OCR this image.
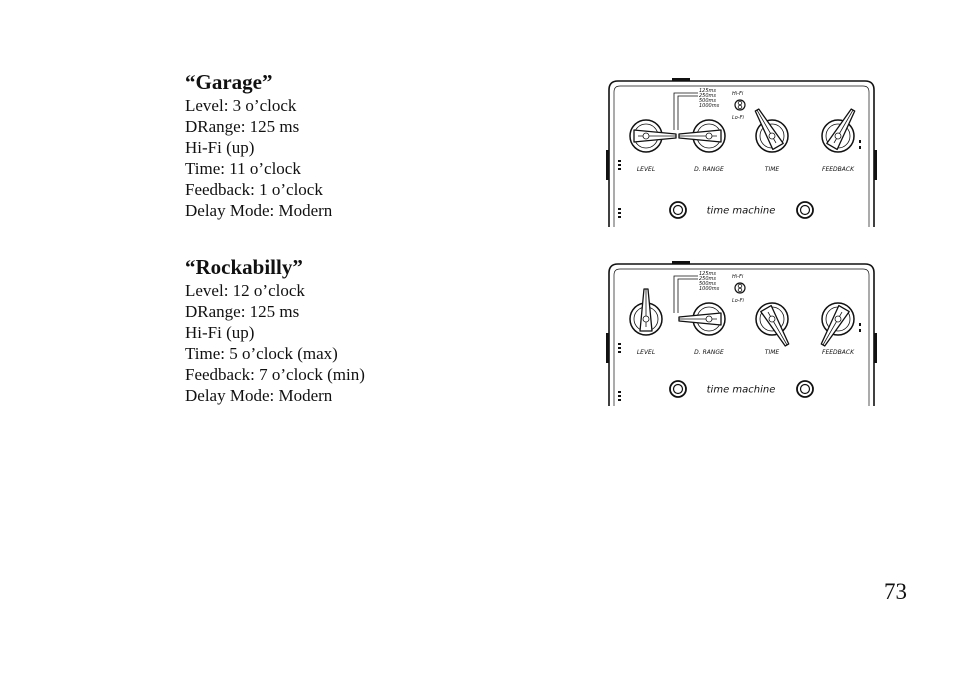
“Garage”
Level: 3 o’clock
DRange: 125 ms
Hi-Fi (up)
Time: 11 o’clock
Feedback: 1 o’clock
Delay Mode: Modern
“Rockabilly”
Level: 12 o’clock
DRange: 125 ms
Hi-Fi (up)
Time: 5 o’clock (max)
Feedback: 7 o’clock (min)
Delay Mode: Modern
125ms
250ms
500ms
1000ms
Hi-Fi
Lo-Fi
LEVEL	D. RANGE	TIME	FEEDBACK
time machine
125ms
250ms
500ms
1000ms
Hi-Fi
Lo-Fi
LEVEL	D. RANGE	TIME	FEEDBACK
time machine
73
